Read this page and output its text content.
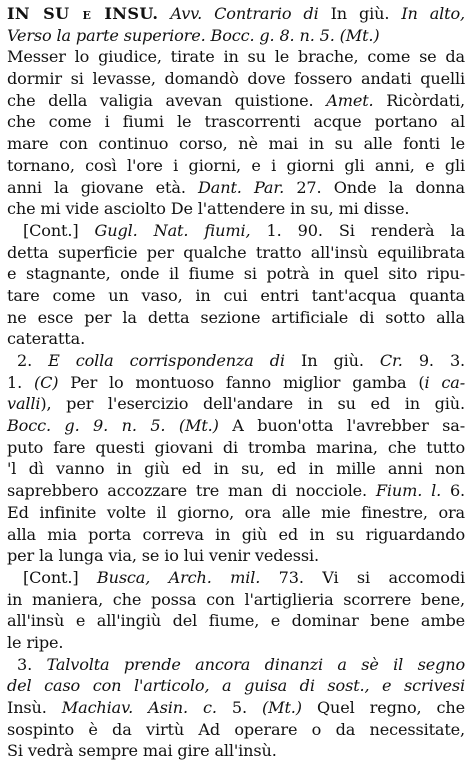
IN SU e INSU. Avv. Contrario di In giù. In alto,
Verso la parte superiore. Bocc. g. 8. n. 5. (Mt.)
Messer lo giudice, tirate in su le brache, come se da
dormir si levasse, domandò dove fossero andati quelli
che della valigia avevan quistione. Amet. Ricòrdati,
che come i fiumi le trascorrenti acque portano al
mare con continuo corso, nè mai in su alle fonti le
tornano, così l'ore i giorni, e i giorni gli anni, e gli
anni la giovane età. Dant. Par. 27. Onde la donna
che mi vide asciolto De l'attendere in su, mi disse.
[Cont.] Gugl. Nat. fiumi, 1. 90. Si renderà la
detta superficie per qualche tratto all'insù equilibrata
e stagnante, onde il fiume si potrà in quel sito ripu-
tare come un vaso, in cui entri tant'acqua quanta
ne esce per la detta sezione artificiale di sotto alla
cateratta.
2. E colla corrispondenza di In giù. Cr. 9. 3.
1. (C) Per lo montuoso fanno miglior gamba (i ca-
valli), per l'esercizio dell'andare in su ed in giù.
Bocc. g. 9. n. 5. (Mt.) A buon'otta l'avrebber sa-
puto fare questi giovani di tromba marina, che tutto
'l dì vanno in giù ed in su, ed in mille anni non
saprebbero accozzare tre man di nocciole. Fium. l. 6.
Ed infinite volte il giorno, ora alle mie finestre, ora
alla mia porta correva in giù ed in su riguardando
per la lunga via, se io lui venir vedessi.
[Cont.] Busca, Arch. mil. 73. Vi si accomodi
in maniera, che possa con l'artiglieria scorrere bene,
all'insù e all'ingiù del fiume, e dominar bene ambe
le ripe.
3. Talvolta prende ancora dinanzi a sè il segno
del caso con l'articolo, a guisa di sost., e scrivesi
Insù. Machiav. Asin. c. 5. (Mt.) Quel regno, che
sospinto è da virtù Ad operare o da necessitate,
Si vedrà sempre mai gire all'insù.
